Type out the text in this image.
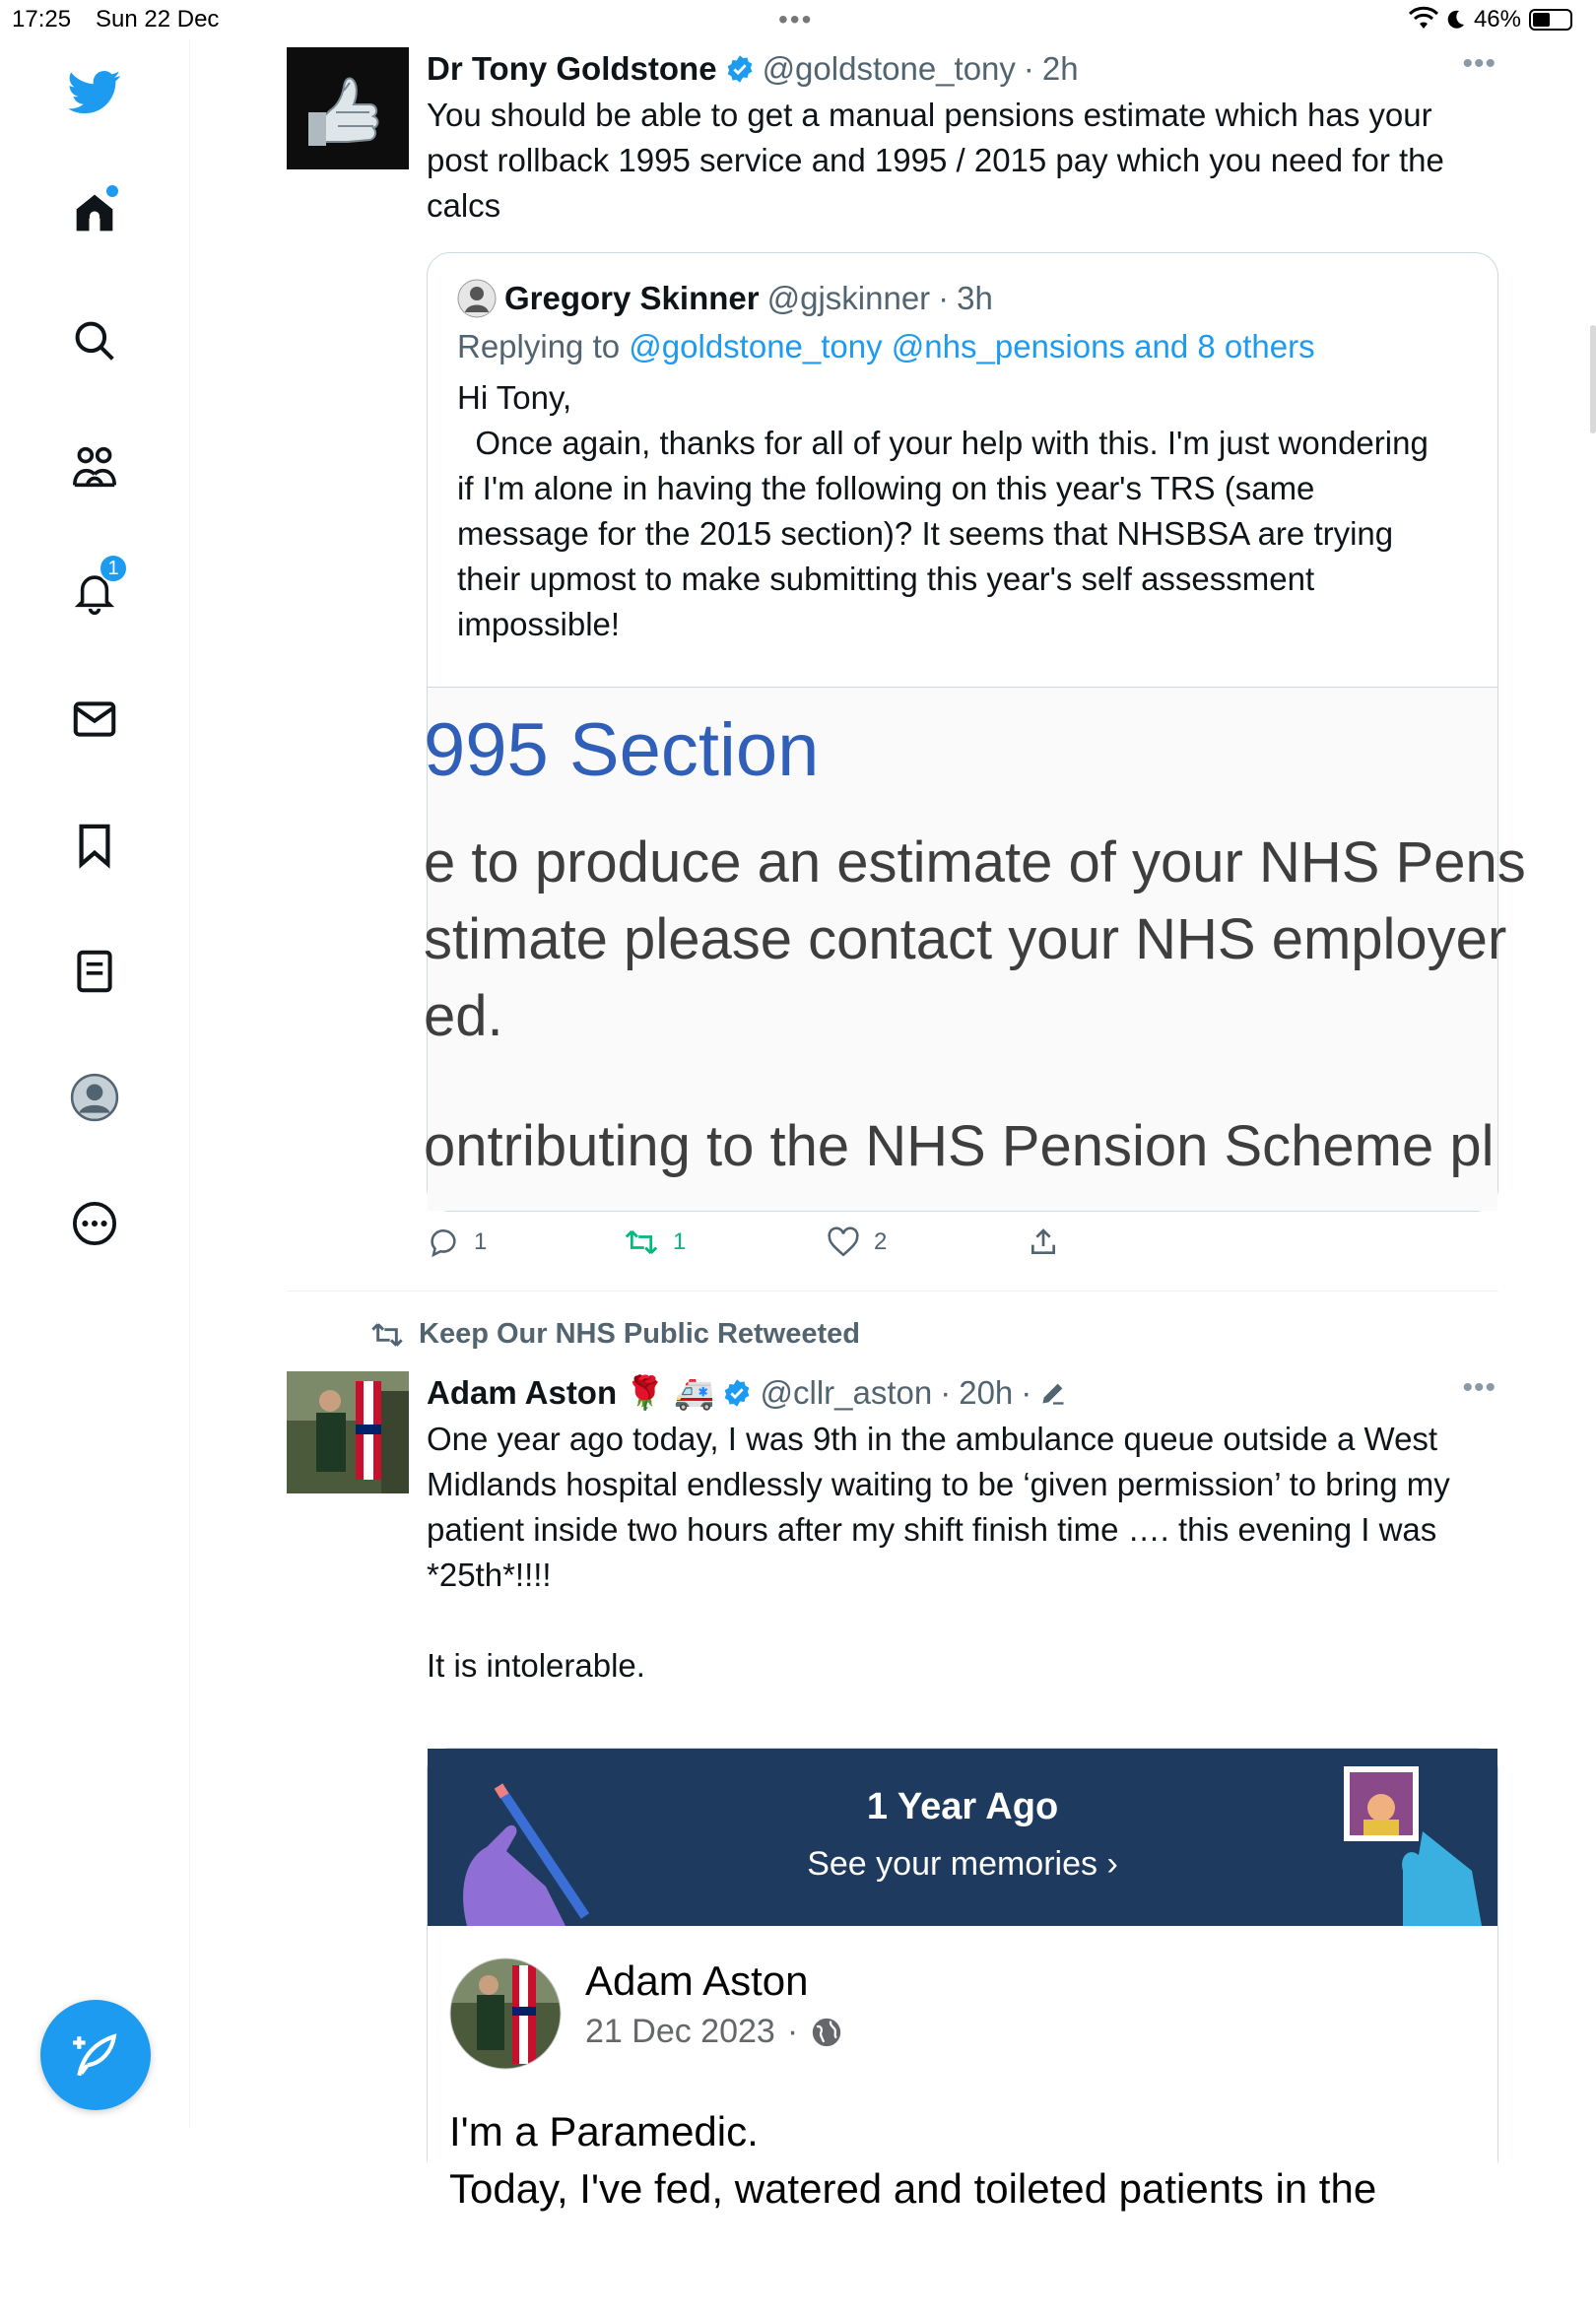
17:25 Sun 22 Dec	•••	46%
1
Dr Tony Goldstone @goldstone_tony · 2h	•••
You should be able to get a manual pensions estimate which has your
post rollback 1995 service and 1995 / 2015 pay which you need for the
calcs
Gregory Skinner @gjskinner · 3h
Replying to @goldstone_tony @nhs_pensions and 8 others
Hi Tony,
Once again, thanks for all of your help with this. I'm just wondering
if I'm alone in having the following on this year's TRS (same
message for the 2015 section)? It seems that NHSBSA are trying
their upmost to make submitting this year's self assessment
impossible!
995 Section
e to produce an estimate of your NHS Pens
stimate please contact your NHS employer
ed.
ontributing to the NHS Pension Scheme pl
1	1	2
Keep Our NHS Public Retweeted
Adam Aston 🌹 🚑 @cllr_aston · 20h ·	•••
One year ago today, I was 9th in the ambulance queue outside a West
Midlands hospital endlessly waiting to be ‘given permission’ to bring my
patient inside two hours after my shift finish time …. this evening I was
*25th*!!!!

It is intolerable.
1 Year Ago
See your memories ›
Adam Aston
21 Dec 2023 ·
I'm a Paramedic.
Today, I've fed, watered and toileted patients in the
